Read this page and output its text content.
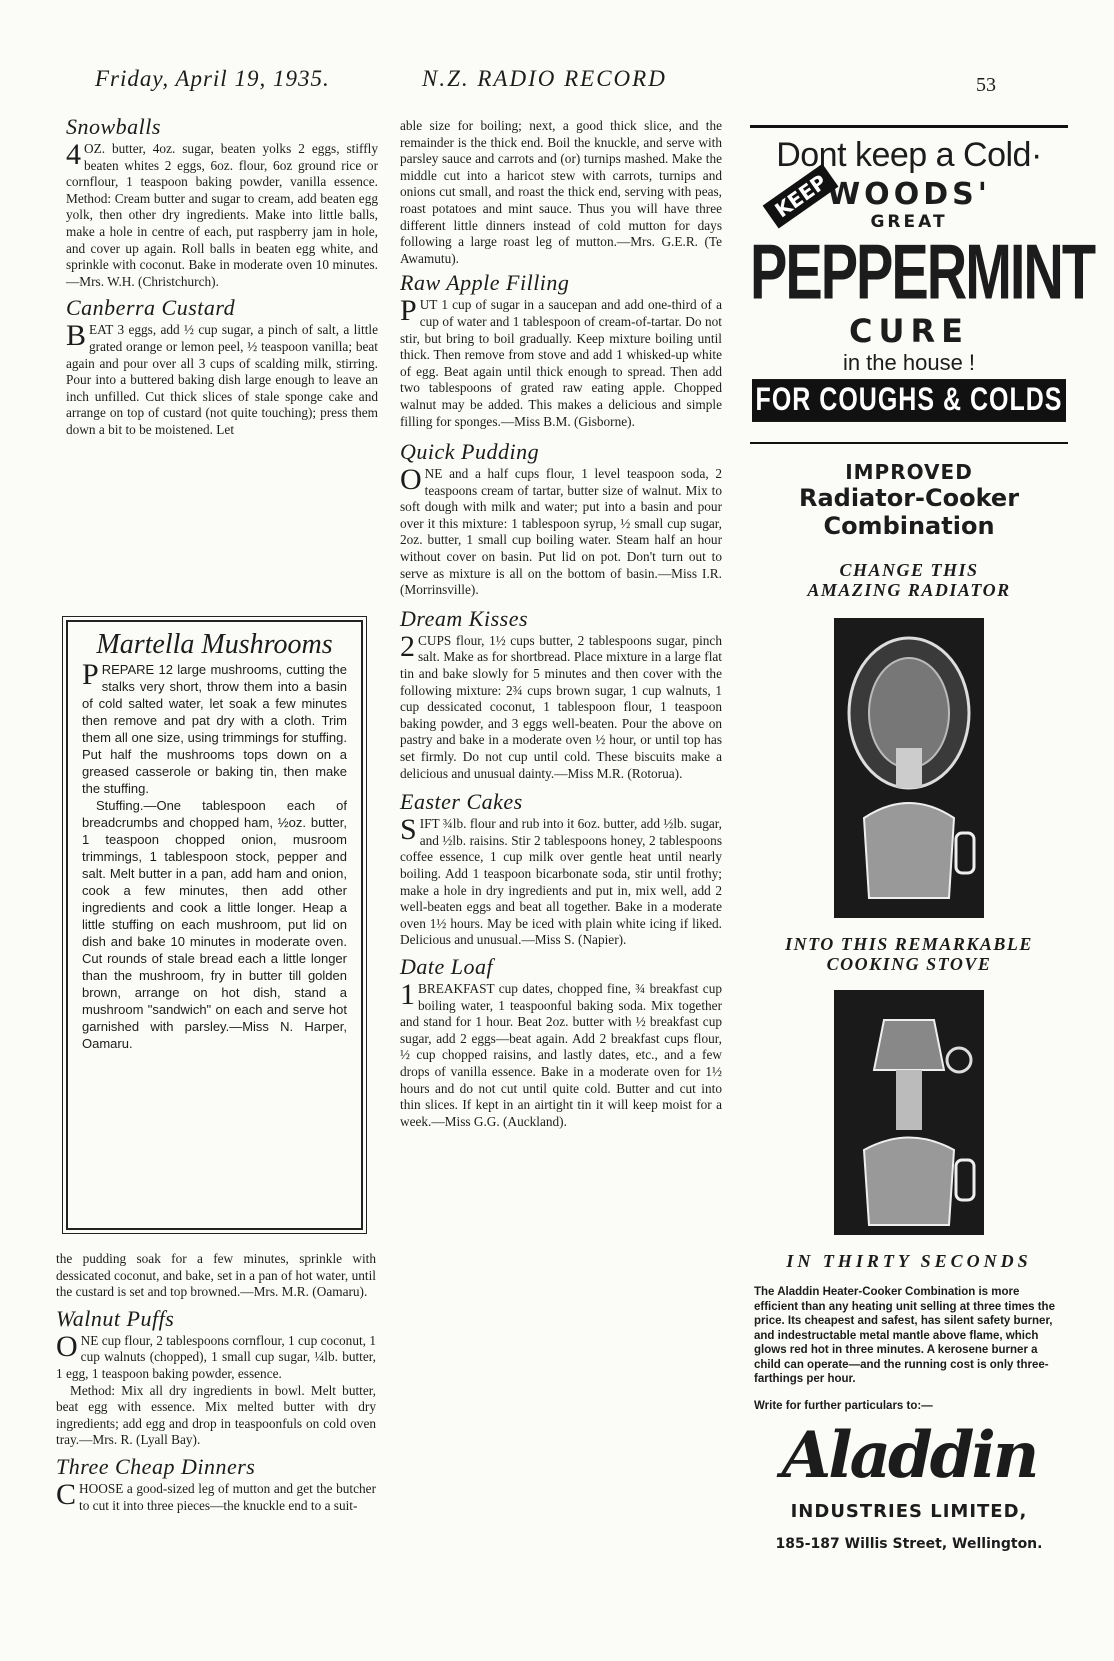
Friday, April 19, 1935.	N.Z. RADIO RECORD	53
Snowballs

4 OZ. butter, 4oz. sugar, beaten yolks 2 eggs, stiffly beaten whites 2 eggs, 6oz. flour, 6oz ground rice or cornflour, 1 teaspoon baking powder, vanilla essence. Method: Cream butter and sugar to cream, add beaten egg yolk, then other dry ingredients. Make into little balls, make a hole in centre of each, put raspberry jam in hole, and cover up again. Roll balls in beaten egg white, and sprinkle with coconut. Bake in moderate oven 10 minutes.—Mrs. W.H. (Christchurch).

Canberra Custard

BEAT 3 eggs, add ½ cup sugar, a pinch of salt, a little grated orange or lemon peel, ½ teaspoon vanilla; beat again and pour over all 3 cups of scalding milk, stirring. Pour into a buttered baking dish large enough to leave an inch unfilled. Cut thick slices of stale sponge cake and arrange on top of custard (not quite touching); press them down a bit to be moistened. Let

Martella Mushrooms

PREPARE 12 large mushrooms, cutting the stalks very short, throw them into a basin of cold salted water, let soak a few minutes then remove and pat dry with a cloth. Trim them all one size, using trimmings for stuffing. Put half the mushrooms tops down on a greased casserole or baking tin, then make the stuffing.

Stuffing.—One tablespoon each of breadcrumbs and chopped ham, ½oz. butter, 1 teaspoon chopped onion, musroom trimmings, 1 tablespoon stock, pepper and salt. Melt butter in a pan, add ham and onion, cook a few minutes, then add other ingredients and cook a little longer. Heap a little stuffing on each mushroom, put lid on dish and bake 10 minutes in moderate oven. Cut rounds of stale bread each a little longer than the mushroom, fry in butter till golden brown, arrange on hot dish, stand a mushroom "sandwich" on each and serve hot garnished with parsley.—Miss N. Harper, Oamaru.

the pudding soak for a few minutes, sprinkle with dessicated coconut, and bake, set in a pan of hot water, until the custard is set and top browned.—Mrs. M.R. (Oamaru).

Walnut Puffs

ONE cup flour, 2 tablespoons cornflour, 1 cup coconut, 1 cup walnuts (chopped), 1 small cup sugar, ¼lb. butter, 1 egg, 1 teaspoon baking powder, essence.

Method: Mix all dry ingredients in bowl. Melt butter, beat egg with essence. Mix melted butter with dry ingredients; add egg and drop in teaspoonfuls on cold oven tray.—Mrs. R. (Lyall Bay).

Three Cheap Dinners

CHOOSE a good-sized leg of mutton and get the butcher to cut it into three pieces—the knuckle end to a suit-

able size for boiling; next, a good thick slice, and the remainder is the thick end. Boil the knuckle, and serve with parsley sauce and carrots and (or) turnips mashed. Make the middle cut into a haricot stew with carrots, turnips and onions cut small, and roast the thick end, serving with peas, roast potatoes and mint sauce. Thus you will have three different little dinners instead of cold mutton for days following a large roast leg of mutton.—Mrs. G.E.R. (Te Awamutu).

Raw Apple Filling

PUT 1 cup of sugar in a saucepan and add one-third of a cup of water and 1 tablespoon of cream-of-tartar. Do not stir, but bring to boil gradually. Keep mixture boiling until thick. Then remove from stove and add 1 whisked-up white of egg. Beat again until thick enough to spread. Then add two tablespoons of grated raw eating apple. Chopped walnut may be added. This makes a delicious and simple filling for sponges.—Miss B.M. (Gisborne).

Quick Pudding

ONE and a half cups flour, 1 level teaspoon soda, 2 teaspoons cream of tartar, butter size of walnut. Mix to soft dough with milk and water; put into a basin and pour over it this mixture: 1 tablespoon syrup, ½ small cup sugar, 2oz. butter, 1 small cup boiling water. Steam half an hour without cover on basin. Put lid on pot. Don't turn out to serve as mixture is all on the bottom of basin.—Miss I.R. (Morrinsville).

Dream Kisses

2 CUPS flour, 1½ cups butter, 2 tablespoons sugar, pinch salt. Make as for shortbread. Place mixture in a large flat tin and bake slowly for 5 minutes and then cover with the following mixture: 2¾ cups brown sugar, 1 cup walnuts, 1 cup dessicated coconut, 1 tablespoon flour, 1 teaspoon baking powder, and 3 eggs well-beaten. Pour the above on pastry and bake in a moderate oven ½ hour, or until top has set firmly. Do not cup until cold. These biscuits make a delicious and unusual dainty.—Miss M.R. (Rotorua).

Easter Cakes

SIFT ¾lb. flour and rub into it 6oz. butter, add ½lb. sugar, and ½lb. raisins. Stir 2 tablespoons honey, 2 tablespoons coffee essence, 1 cup milk over gentle heat until nearly boiling. Add 1 teaspoon bicarbonate soda, stir until frothy; make a hole in dry ingredients and put in, mix well, add 2 well-beaten eggs and beat all together. Bake in a moderate oven 1½ hours. May be iced with plain white icing if liked. Delicious and unusual.—Miss S. (Napier).

Date Loaf

1 BREAKFAST cup dates, chopped fine, ¾ breakfast cup boiling water, 1 teaspoonful baking soda. Mix together and stand for 1 hour. Beat 2oz. butter with ½ breakfast cup sugar, add 2 eggs—beat again. Add 2 breakfast cups flour, ½ cup chopped raisins, and lastly dates, etc., and a few drops of vanilla essence. Bake in a moderate oven for 1½ hours and do not cut until quite cold. Butter and cut into thin slices. If kept in an airtight tin it will keep moist for a week.—Miss G.G. (Auckland).

Dont keep a Cold·
KEEP
WOODS'
GREAT
PEPPERMINT
CURE
in the house !
FOR COUGHS & COLDS
IMPROVED
Radiator-Cooker
Combination
CHANGE THIS AMAZING RADIATOR
INTO THIS REMARKABLE COOKING STOVE
IN THIRTY SECONDS
The Aladdin Heater-Cooker Combination is more efficient than any heating unit selling at three times the price. Its cheapest and safest, has silent safety burner, and indestructable metal mantle above flame, which glows red hot in three minutes. A kerosene burner a child can operate—and the running cost is only three-farthings per hour.
Write for further particulars to:—
Aladdin
INDUSTRIES LIMITED,
185-187 Willis Street, Wellington.
